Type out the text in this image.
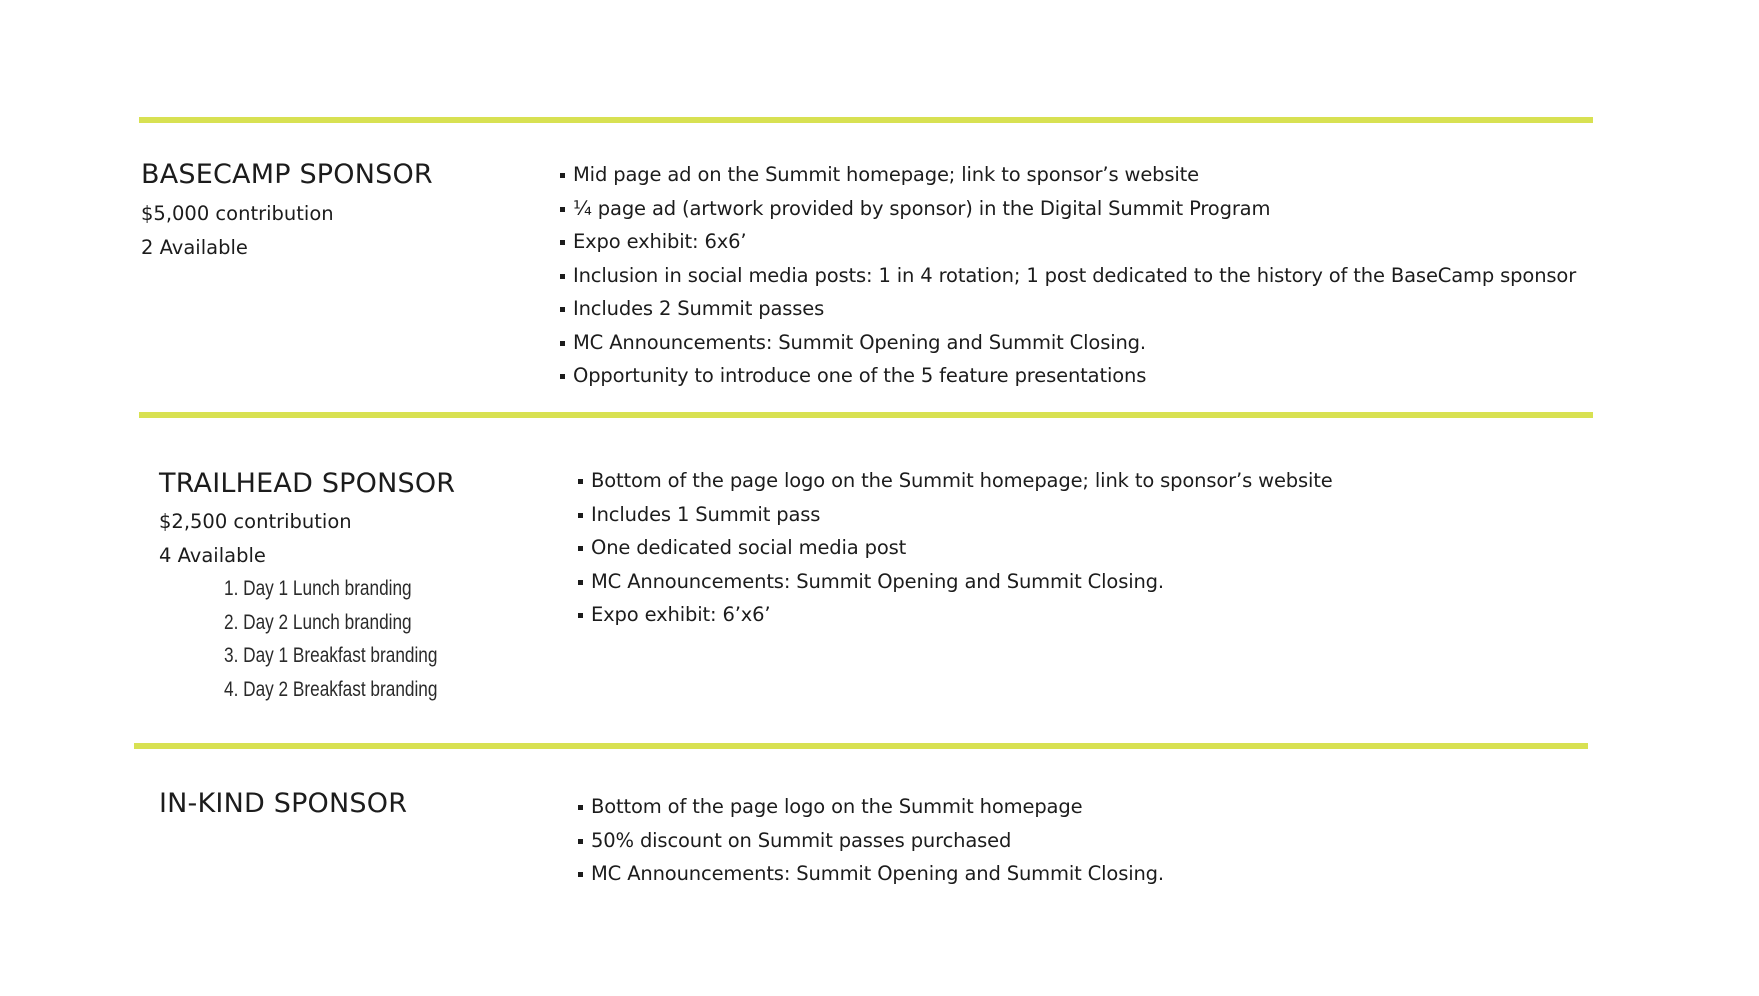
BASECAMP SPONSOR
$5,000 contribution
2 Available
Mid page ad on the Summit homepage; link to sponsor’s website
¼ page ad (artwork provided by sponsor) in the Digital Summit Program
Expo exhibit: 6x6’
Inclusion in social media posts: 1 in 4 rotation; 1 post dedicated to the history of the BaseCamp sponsor
Includes 2 Summit passes
MC Announcements: Summit Opening and Summit Closing.
Opportunity to introduce one of the 5 feature presentations
TRAILHEAD SPONSOR
$2,500 contribution
4 Available
1. Day 1 Lunch branding
2. Day 2 Lunch branding
3. Day 1 Breakfast branding
4. Day 2 Breakfast branding
Bottom of the page logo on the Summit homepage; link to sponsor’s website
Includes 1 Summit pass
One dedicated social media post
MC Announcements: Summit Opening and Summit Closing.
Expo exhibit: 6’x6’
IN-KIND SPONSOR	Bottom of the page logo on the Summit homepage
50% discount on Summit passes purchased
MC Announcements: Summit Opening and Summit Closing.
